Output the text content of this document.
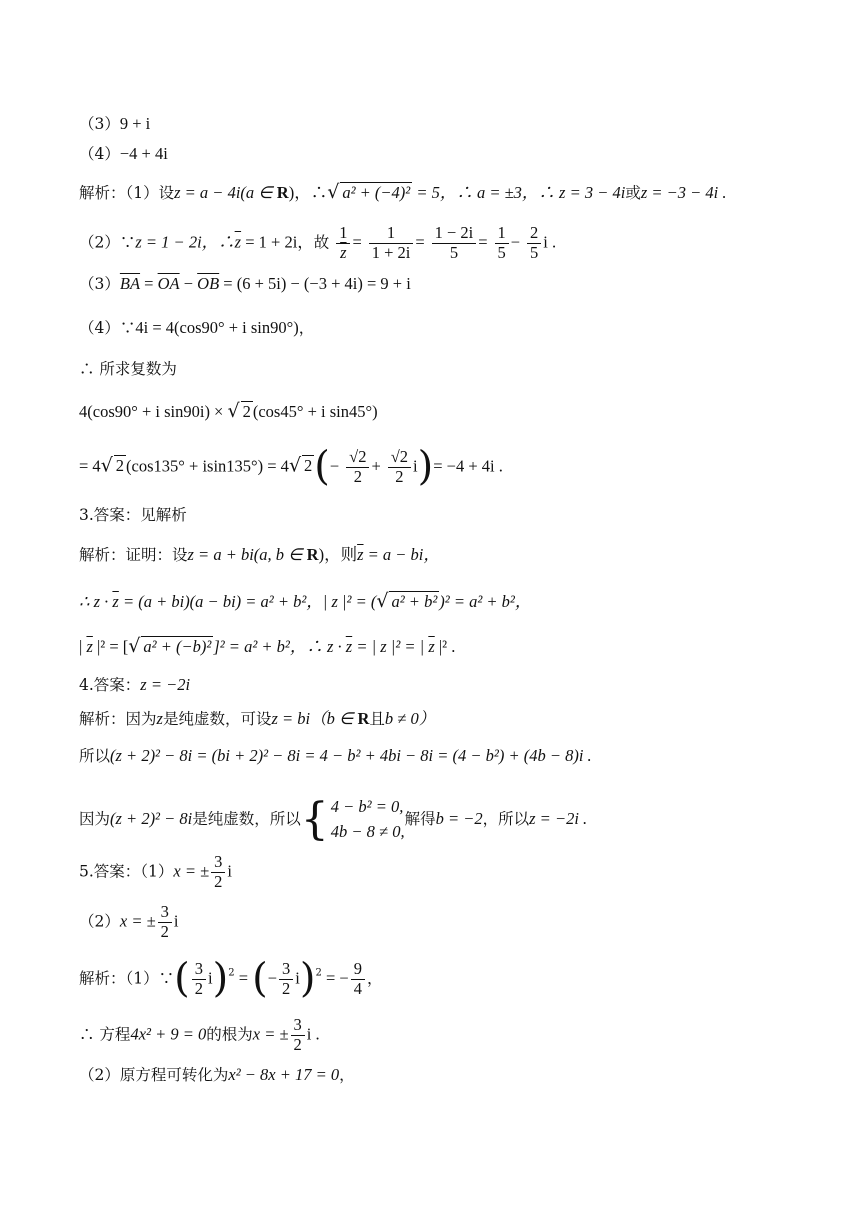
（3）9 + i
（4）−4 + 4i
解析：（1）设z = a − 4i(a ∈ R)，∴√ a² + (−4)² = 5，∴ a = ±3，∴ z = 3 − 4i或z = −3 − 4i .
（2）∵z = 1 − 2i，$\therefore\overline{z} = 1 + 2i$，故 $\frac{1}{z} = \frac{1}{1 + 2i} = \frac{1 - 2i}{5} = \frac{1}{5} - \frac{2}{5}$ i .
$(3)\overline{BA} = \overline{OA} - \overline{OB} = (6 + 5i) - (-3 + 4i) = 9 + i$
（4）∵4i = 4(cos90° + i sin90°)，
∴ 所求复数为
4(cos90° + i sin90i) × √ 2 (cos45° + i sin45°)
= 4√ 2 (cos135° + isin135°) = 4√ $2(- \frac{√2}{2} + \frac{√2}{2} i)= -4 + 4i$ .
3.答案：见解析
解析：证明：设z = a + bi(a, b ∈ R)，则$\overline{z} = a$ − bi，
∴ $z \cdot \overline{z} = (a + bi)(a - bi) = a^2 + b^2$，| z |² = (√ a² + b² )² = a² + b²，
| $\overline{z}$ |² = [√ a² + (−b)² ]² = a² + b²，∴ $z \cdot \overline{z}$ = | z |² = | $\overline{z}$ |² .
4.答案：z = −2i
解析：因为z是纯虚数，可设z = bi（b ∈ R且b ≠ 0）
所以(z + 2)² − 8i = (bi + 2)² − 8i = 4 − b² + 4bi − 8i = (4 − b²) + (4b − 8)i .
因为(z + 2)² − 8i是纯虚数，所以{ 4 − b² = 0,
4b − 8 ≠ 0,
解得b = −2，所以z = −2i .
5.答案：（1）x = ± $\frac{3}{2}$ i
（2）x = ± $\frac{3}{2}$ i
解析：（1）∵( $\frac{3}{2} i)^2$ = (− $\frac{3}{2} i)^2$ = − $\frac{9}{4}$ ，
∴ 方程4x² + 9 = 0的根为x = ± $\frac{3}{2}$ i .
（2）原方程可转化为x² − 8x + 17 = 0，
